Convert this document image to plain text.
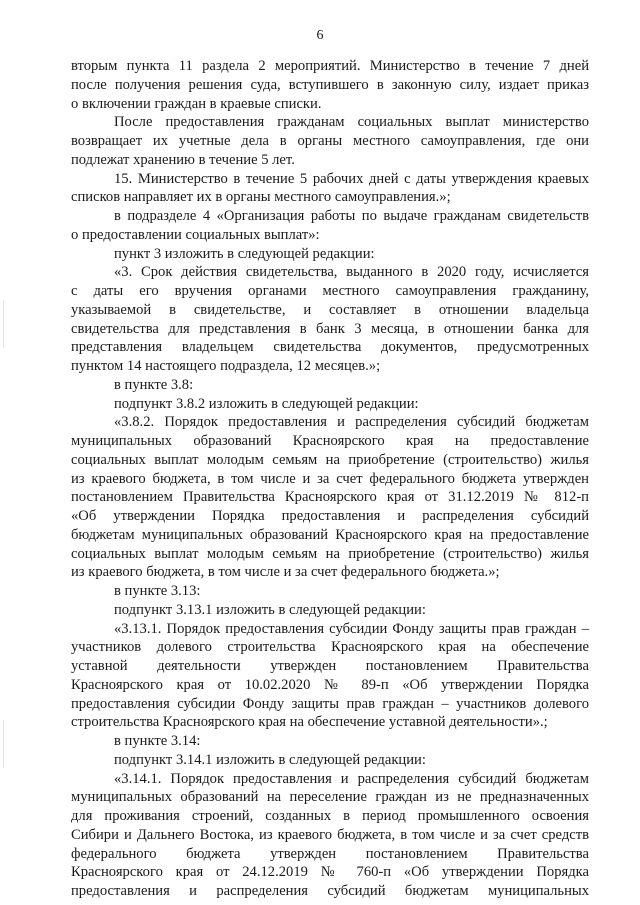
6
вторым пункта 11 раздела 2 мероприятий. Министерство в течение 7 дней
после получения решения суда, вступившего в законную силу, издает приказ
о включении граждан в краевые списки.
После предоставления гражданам социальных выплат министерство
возвращает их учетные дела в органы местного самоуправления, где они
подлежат хранению в течение 5 лет.
15. Министерство в течение 5 рабочих дней с даты утверждения краевых
списков направляет их в органы местного самоуправления.»;
в подразделе 4 «Организация работы по выдаче гражданам свидетельств
о предоставлении социальных выплат»:
пункт 3 изложить в следующей редакции:
«3. Срок действия свидетельства, выданного в 2020 году, исчисляется
с даты его вручения органами местного самоуправления гражданину,
указываемой в свидетельстве, и составляет в отношении владельца
свидетельства для представления в банк 3 месяца, в отношении банка для
представления владельцем свидетельства документов, предусмотренных
пунктом 14 настоящего подраздела, 12 месяцев.»;
в пункте 3.8:
подпункт 3.8.2 изложить в следующей редакции:
«3.8.2. Порядок предоставления и распределения субсидий бюджетам
муниципальных образований Красноярского края на предоставление
социальных выплат молодым семьям на приобретение (строительство) жилья
из краевого бюджета, в том числе и за счет федерального бюджета утвержден
постановлением Правительства Красноярского края от 31.12.2019 № 812-п
«Об утверждении Порядка предоставления и распределения субсидий
бюджетам муниципальных образований Красноярского края на предоставление
социальных выплат молодым семьям на приобретение (строительство) жилья
из краевого бюджета, в том числе и за счет федерального бюджета.»;
в пункте 3.13:
подпункт 3.13.1 изложить в следующей редакции:
«3.13.1. Порядок предоставления субсидии Фонду защиты прав граждан –
участников долевого строительства Красноярского края на обеспечение
уставной деятельности утвержден постановлением Правительства
Красноярского края от 10.02.2020 № 89-п «Об утверждении Порядка
предоставления субсидии Фонду защиты прав граждан – участников долевого
строительства Красноярского края на обеспечение уставной деятельности».;
в пункте 3.14:
подпункт 3.14.1 изложить в следующей редакции:
«3.14.1. Порядок предоставления и распределения субсидий бюджетам
муниципальных образований на переселение граждан из не предназначенных
для проживания строений, созданных в период промышленного освоения
Сибири и Дальнего Востока, из краевого бюджета, в том числе и за счет средств
федерального бюджета утвержден постановлением Правительства
Красноярского края от 24.12.2019 № 760-п «Об утверждении Порядка
предоставления и распределения субсидий бюджетам муниципальных
